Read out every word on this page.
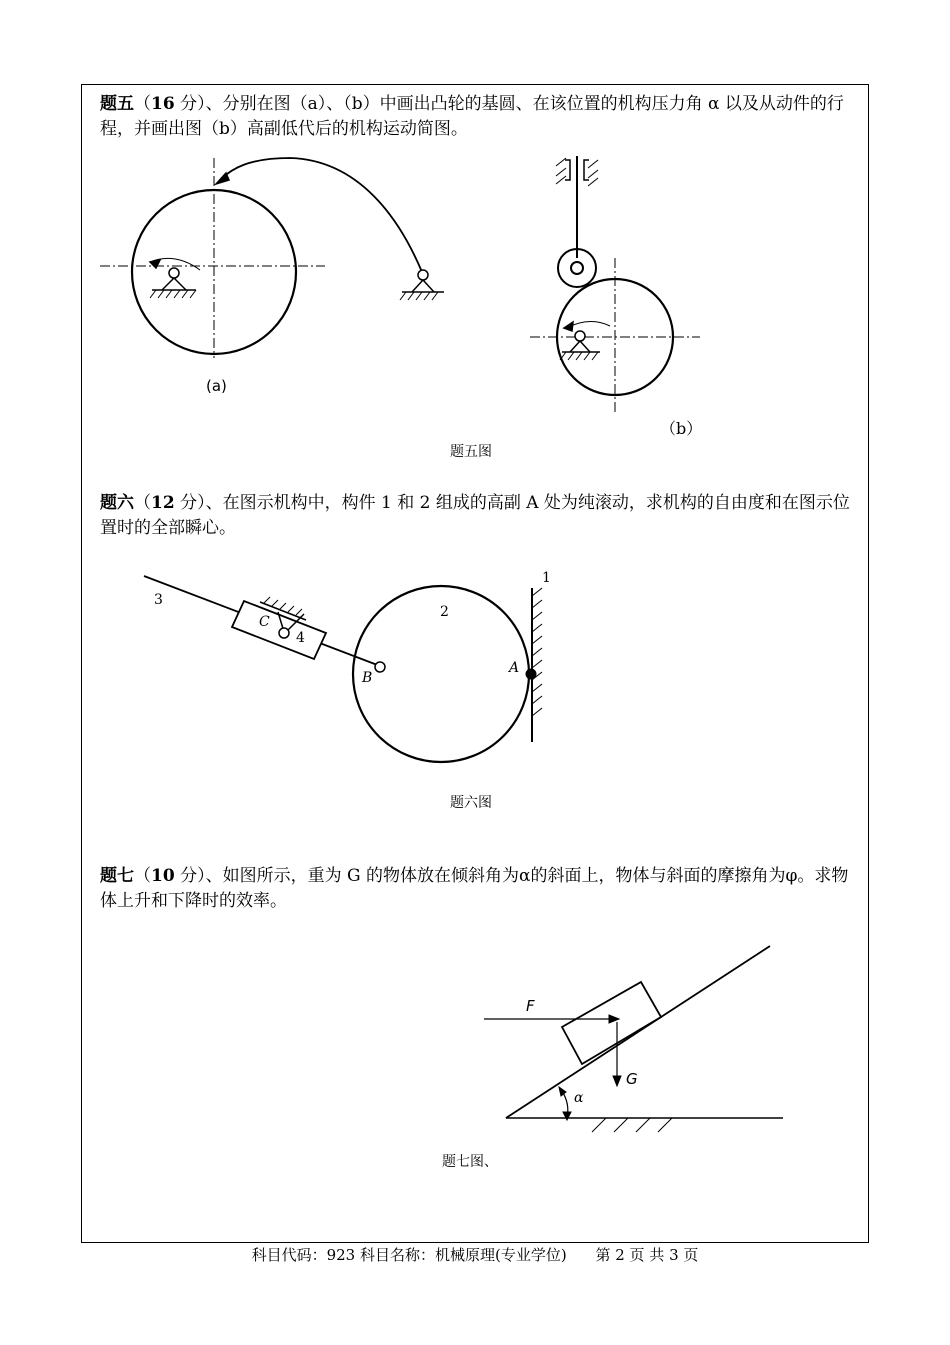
题五（16 分）、分别在图（a）、（b）中画出凸轮的基圆、在该位置的机构压力角 α 以及从动件的行程，并画出图（b）高副低代后的机构运动简图。
(a)
（b）
题五图
题六（12 分）、在图示机构中，构件 1 和 2 组成的高副 A 处为纯滚动，求机构的自由度和在图示位置时的全部瞬心。
3
C
4
2
1
B
A
题六图
题七（10 分）、如图所示，重为 G 的物体放在倾斜角为α的斜面上，物体与斜面的摩擦角为φ。求物体上升和下降时的效率。
F
G
α
题七图、
科目代码：923 科目名称：机械原理(专业学位) 第 2 页 共 3 页
